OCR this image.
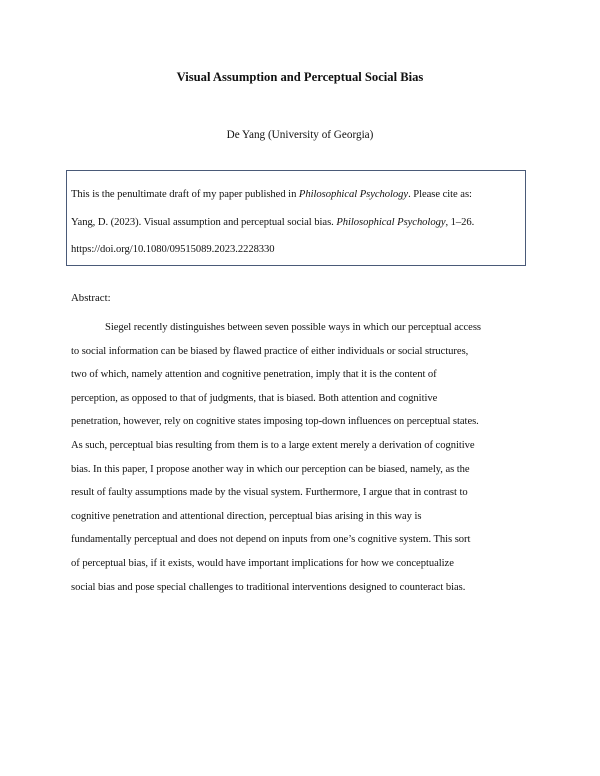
Visual Assumption and Perceptual Social Bias
De Yang (University of Georgia)

This is the penultimate draft of my paper published in Philosophical Psychology. Please cite as:

Yang, D. (2023). Visual assumption and perceptual social bias. Philosophical Psychology, 1–26.

https://doi.org/10.1080/09515089.2023.2228330

Abstract:
Siegel recently distinguishes between seven possible ways in which our perceptual access
to social information can be biased by flawed practice of either individuals or social structures,
two of which, namely attention and cognitive penetration, imply that it is the content of
perception, as opposed to that of judgments, that is biased. Both attention and cognitive
penetration, however, rely on cognitive states imposing top-down influences on perceptual states.
As such, perceptual bias resulting from them is to a large extent merely a derivation of cognitive
bias. In this paper, I propose another way in which our perception can be biased, namely, as the
result of faulty assumptions made by the visual system. Furthermore, I argue that in contrast to
cognitive penetration and attentional direction, perceptual bias arising in this way is
fundamentally perceptual and does not depend on inputs from one’s cognitive system. This sort
of perceptual bias, if it exists, would have important implications for how we conceptualize
social bias and pose special challenges to traditional interventions designed to counteract bias.
